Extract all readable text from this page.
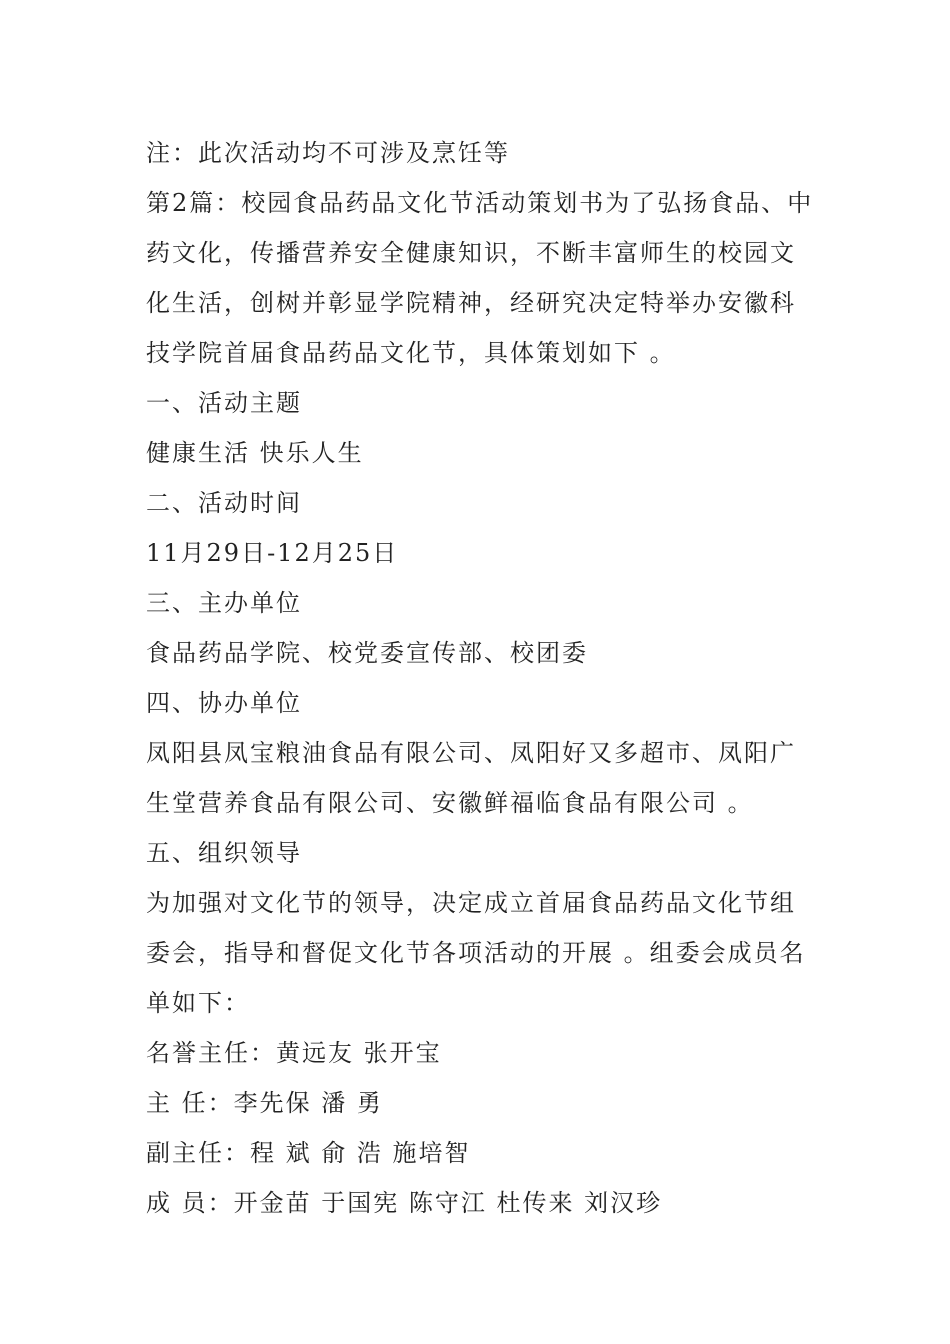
注：此次活动均不可涉及烹饪等
第2篇：校园食品药品文化节活动策划书为了弘扬食品、中
药文化，传播营养安全健康知识，不断丰富师生的校园文
化生活，创树并彰显学院精神，经研究决定特举办安徽科
技学院首届食品药品文化节，具体策划如下 。
一、活动主题
健康生活 快乐人生
二、活动时间
11月29日-12月25日
三、主办单位
食品药品学院、校党委宣传部、校团委
四、协办单位
凤阳县凤宝粮油食品有限公司、凤阳好又多超市、凤阳广
生堂营养食品有限公司、安徽鲜福临食品有限公司 。
五、组织领导
为加强对文化节的领导，决定成立首届食品药品文化节组
委会，指导和督促文化节各项活动的开展 。组委会成员名
单如下：
名誉主任：黄远友 张开宝
主 任：李先保 潘 勇
副主任：程 斌 俞 浩 施培智
成 员：开金苗 于国宪 陈守江 杜传来 刘汉珍
